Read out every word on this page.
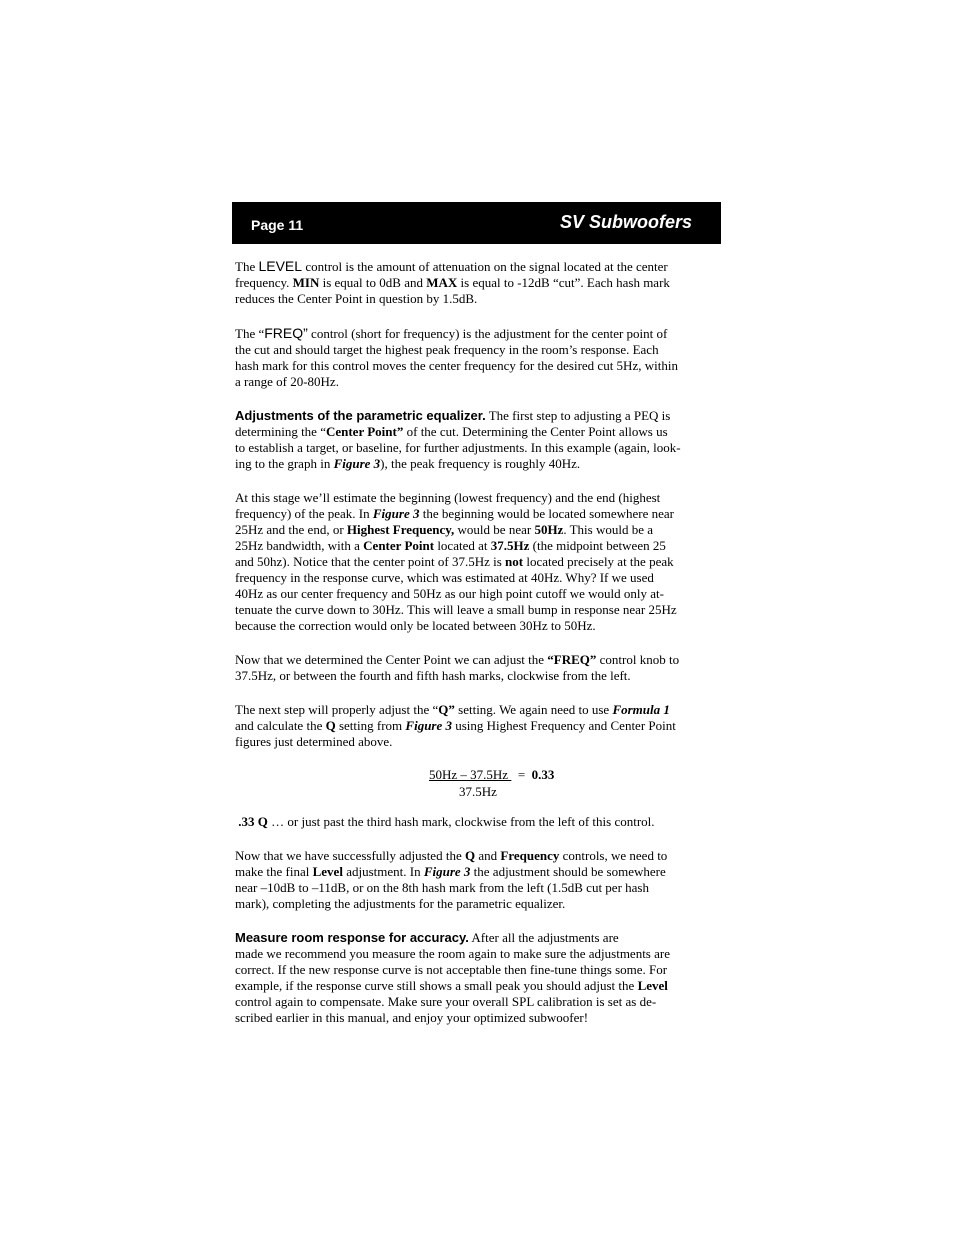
Page 11	SV Subwoofers

The LEVEL control is the amount of attenuation on the signal located at the center
frequency. MIN is equal to 0dB and MAX is equal to -12dB “cut”. Each hash mark
reduces the Center Point in question by 1.5dB.

The “FREQ” control (short for frequency) is the adjustment for the center point of
the cut and should target the highest peak frequency in the room’s response. Each
hash mark for this control moves the center frequency for the desired cut 5Hz, within
a range of 20-80Hz.

Adjustments of the parametric equalizer. The first step to adjusting a PEQ is
determining the “Center Point” of the cut. Determining the Center Point allows us
to establish a target, or baseline, for further adjustments. In this example (again, look-
ing to the graph in Figure 3), the peak frequency is roughly 40Hz.

At this stage we’ll estimate the beginning (lowest frequency) and the end (highest
frequency) of the peak. In Figure 3 the beginning would be located somewhere near
25Hz and the end, or Highest Frequency, would be near 50Hz. This would be a
25Hz bandwidth, with a Center Point located at 37.5Hz (the midpoint between 25
and 50hz). Notice that the center point of 37.5Hz is not located precisely at the peak
frequency in the response curve, which was estimated at 40Hz. Why? If we used
40Hz as our center frequency and 50Hz as our high point cutoff we would only at-
tenuate the curve down to 30Hz. This will leave a small bump in response near 25Hz
because the correction would only be located between 30Hz to 50Hz.

Now that we determined the Center Point we can adjust the “FREQ” control knob to
37.5Hz, or between the fourth and fifth hash marks, clockwise from the left.

The next step will properly adjust the “Q” setting. We again need to use Formula 1
and calculate the Q setting from Figure 3 using Highest Frequency and Center Point
figures just determined above.

50Hz – 37.5Hz   =  0.33
37.5Hz

.33 Q … or just past the third hash mark, clockwise from the left of this control.

Now that we have successfully adjusted the Q and Frequency controls, we need to
make the final Level adjustment. In Figure 3 the adjustment should be somewhere
near –10dB to –11dB, or on the 8th hash mark from the left (1.5dB cut per hash
mark), completing the adjustments for the parametric equalizer.

Measure room response for accuracy. After all the adjustments are
made we recommend you measure the room again to make sure the adjustments are
correct. If the new response curve is not acceptable then fine-tune things some. For
example, if the response curve still shows a small peak you should adjust the Level
control again to compensate. Make sure your overall SPL calibration is set as de-
scribed earlier in this manual, and enjoy your optimized subwoofer!
